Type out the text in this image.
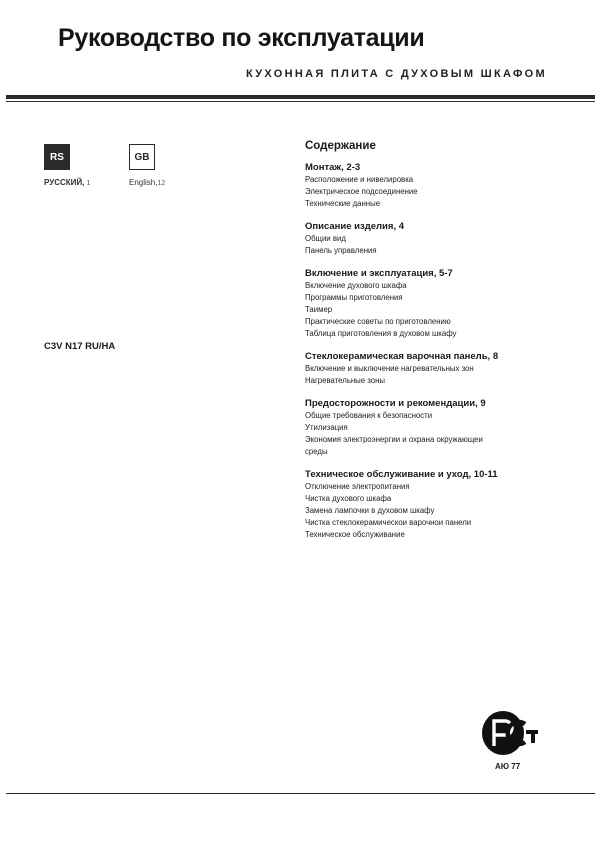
Руководство по эксплуатации
КУХОННАЯ ПЛИТА С ДУХОВЫМ ШКАФОМ
RS
РУССКИЙ, 1
GB
English,12
C3V N17 RU/HA
Содержание
Монтаж, 2-3
Расположение и нивелировка
Электрическое подсоединение
Технические данные
Описание изделия, 4
Общии вид
Панель управления
Включение и эксплуатация, 5-7
Включение духового шкафа
Программы приготовления
Таимер
Практические советы по приготовлению
Таблица приготовления в духовом шкафу
Стеклокерамическая варочная панель, 8
Включение и выключение нагревательных зон
Нагревательные зоны
Предосторожности и рекомендации, 9
Общие требования к безопасности
Утилизация
Экономия электроэнергии и охрана окружающеи
среды
Техническое обслуживание и уход, 10-11
Отключение электропитания
Чистка духового шкафа
Замена лампочки в духовом шкафу
Чистка стеклокерамическои варочнои панели
Техническое обслуживание
АЮ 77
